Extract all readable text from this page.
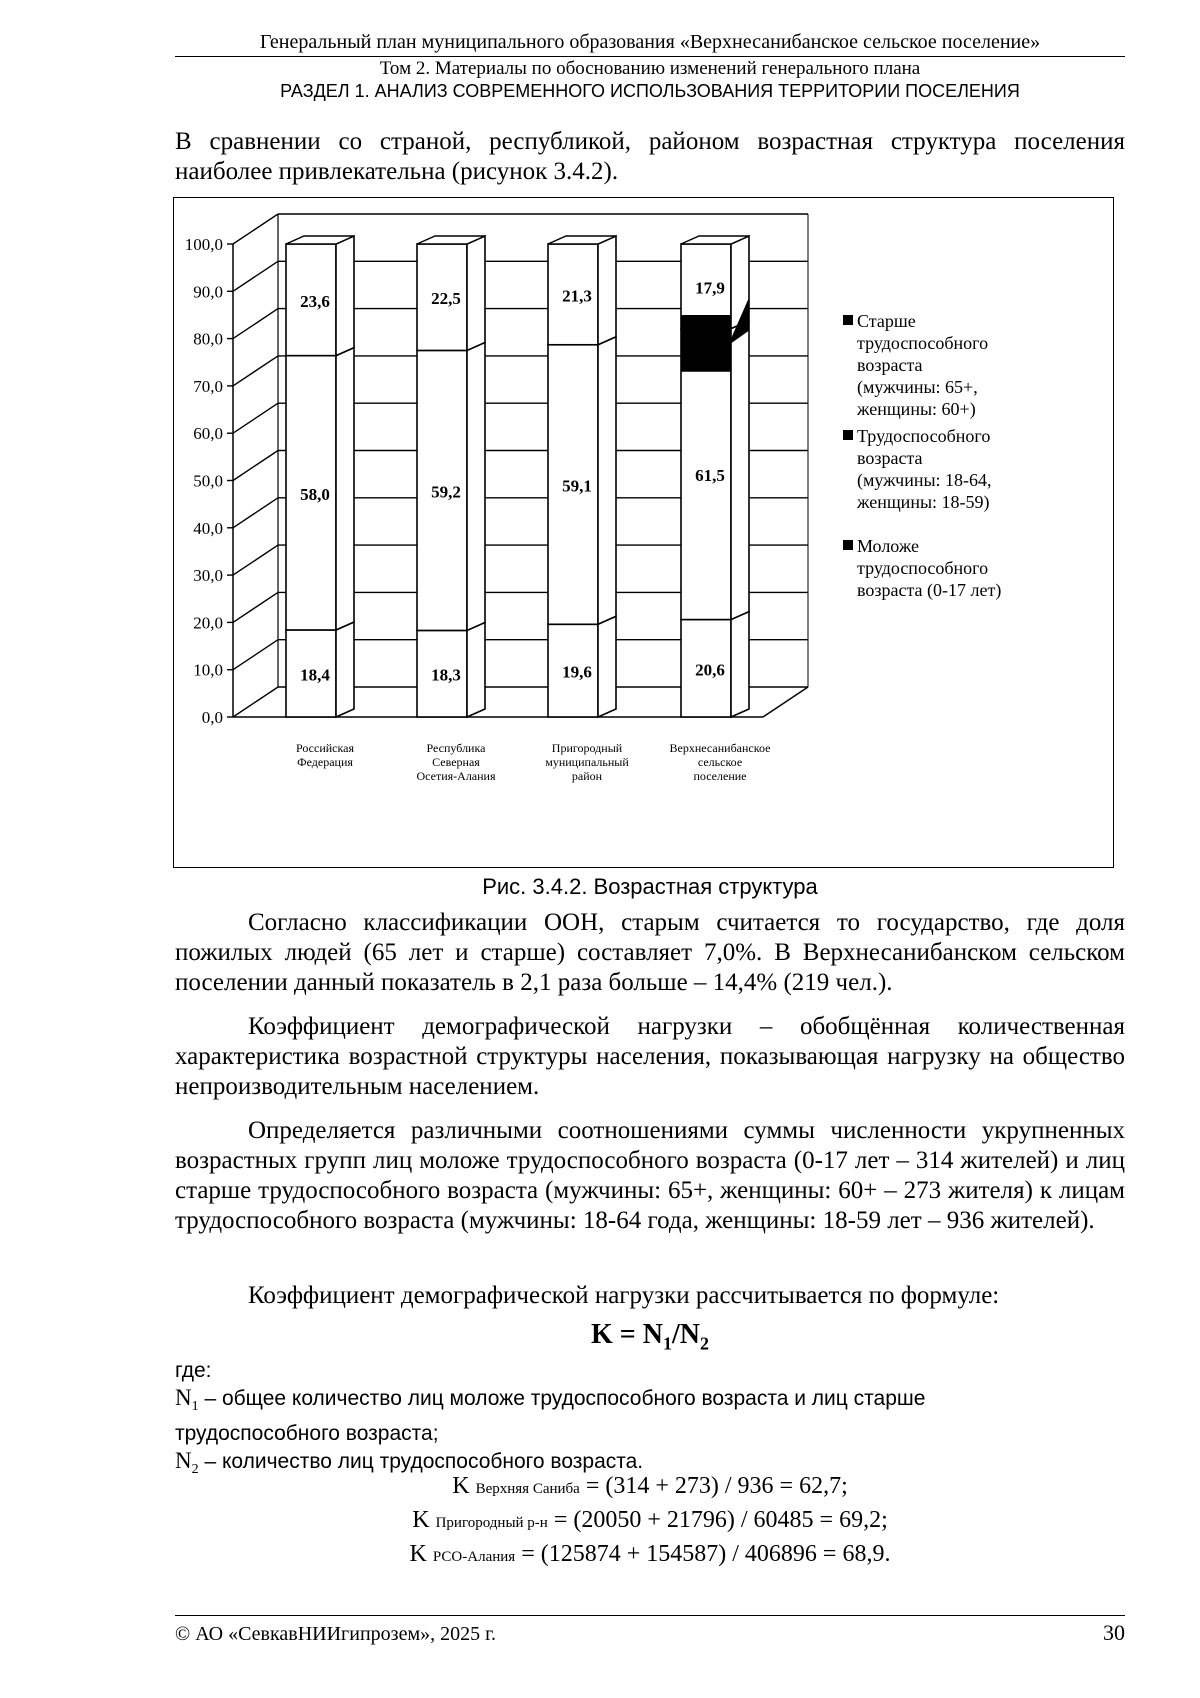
Генеральный план муниципального образования «Верхнесанибанское сельское поселение»
Том 2. Материалы по обоснованию изменений генерального плана
РАЗДЕЛ 1. АНАЛИЗ СОВРЕМЕННОГО ИСПОЛЬЗОВАНИЯ ТЕРРИТОРИИ ПОСЕЛЕНИЯ
В сравнении со страной, республикой, районом возрастная структура поселения наиболее привлекательна (рисунок 3.4.2).
0,0
10,0
20,0
30,0
40,0
50,0
60,0
70,0
80,0
90,0
100,0
18,4
58,0
23,6
Российская
Федерация
18,3
59,2
22,5
Республика
Северная
Осетия-Алания
19,6
59,1
21,3
Пригородный
муниципальный
район
20,6
61,5
17,9
Верхнесанибанское
сельское
поселение
Старше
трудоспособного
возраста
(мужчины: 65+,
женщины: 60+)
Трудоспособного
возраста
(мужчины: 18-64,
женщины: 18-59)
Моложе
трудоспособного
возраста (0-17 лет)
Рис. 3.4.2. Возрастная структура
Согласно классификации ООН, старым считается то государство, где доля пожилых людей (65 лет и старше) составляет 7,0%. В Верхнесанибанском сельском поселении данный показатель в 2,1 раза больше – 14,4% (219 чел.).
Коэффициент демографической нагрузки – обобщённая количественная характеристика возрастной структуры населения, показывающая нагрузку на общество непроизводительным населением.
Определяется различными соотношениями суммы численности укрупненных возрастных групп лиц моложе трудоспособного возраста (0-17 лет – 314 жителей) и лиц старше трудоспособного возраста (мужчины: 65+, женщины: 60+ – 273 жителя) к лицам трудоспособного возраста (мужчины: 18-64 года, женщины: 18-59 лет – 936 жителей).
Коэффициент демографической нагрузки рассчитывается по формуле:
$K = N_1/N_2$
где:
$N_1$ – общее количество лиц моложе трудоспособного возраста и лиц старше
трудоспособного возраста;
$N_2$ – количество лиц трудоспособного возраста.
K Верхняя Саниба = (314 + 273) / 936 = 62,7;
K Пригородный р-н = (20050 + 21796) / 60485 = 69,2;
K РСО-Алания = (125874 + 154587) / 406896 = 68,9.
© АО «СевкавНИИгипрозем», 2025 г.	30
